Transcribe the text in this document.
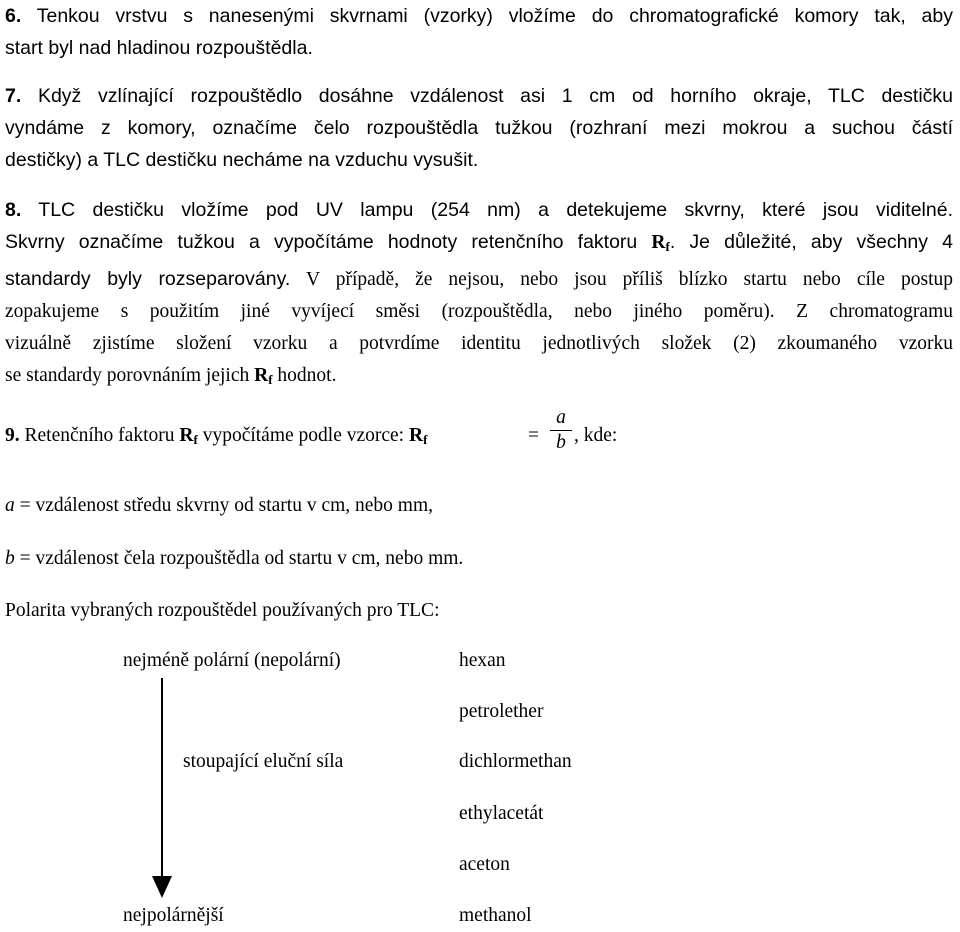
6. Tenkou vrstvu s nanesenými skvrnami (vzorky) vložíme do chromatografické komory tak, aby
start byl nad hladinou rozpouštědla.
7. Když vzlínající rozpouštědlo dosáhne vzdálenost asi 1 cm od horního okraje, TLC destičku
vyndáme z komory, označíme čelo rozpouštědla tužkou (rozhraní mezi mokrou a suchou částí
destičky) a TLC destičku necháme na vzduchu vysušit.
8. TLC destičku vložíme pod UV lampu (254 nm) a detekujeme skvrny, které jsou viditelné.
Skvrny označíme tužkou a vypočítáme hodnoty retenčního faktoru $R_f$. Je důležité, aby všechny 4
standardy byly rozseparovány. V případě, že nejsou, nebo jsou příliš blízko startu nebo cíle postup
zopakujeme s použitím jiné vyvíjecí směsi (rozpouštědla, nebo jiného poměru). Z chromatogramu
vizuálně zjistíme složení vzorku a potvrdíme identitu jednotlivých složek (2) zkoumaného vzorku
se standardy porovnáním jejich $R_f$ hodnot.
9. Retenčního faktoru $R_f$ vypočítáme podle vzorce: $R_f$	=
a
b , kde:
a = vzdálenost středu skvrny od startu v cm, nebo mm,
b = vzdálenost čela rozpouštědla od startu v cm, nebo mm.
Polarita vybraných rozpouštědel používaných pro TLC:
nejméně polární (nepolární)
stoupající eluční síla
nejpolárnější
hexan
petrolether
dichlormethan
ethylacetát
aceton
methanol
